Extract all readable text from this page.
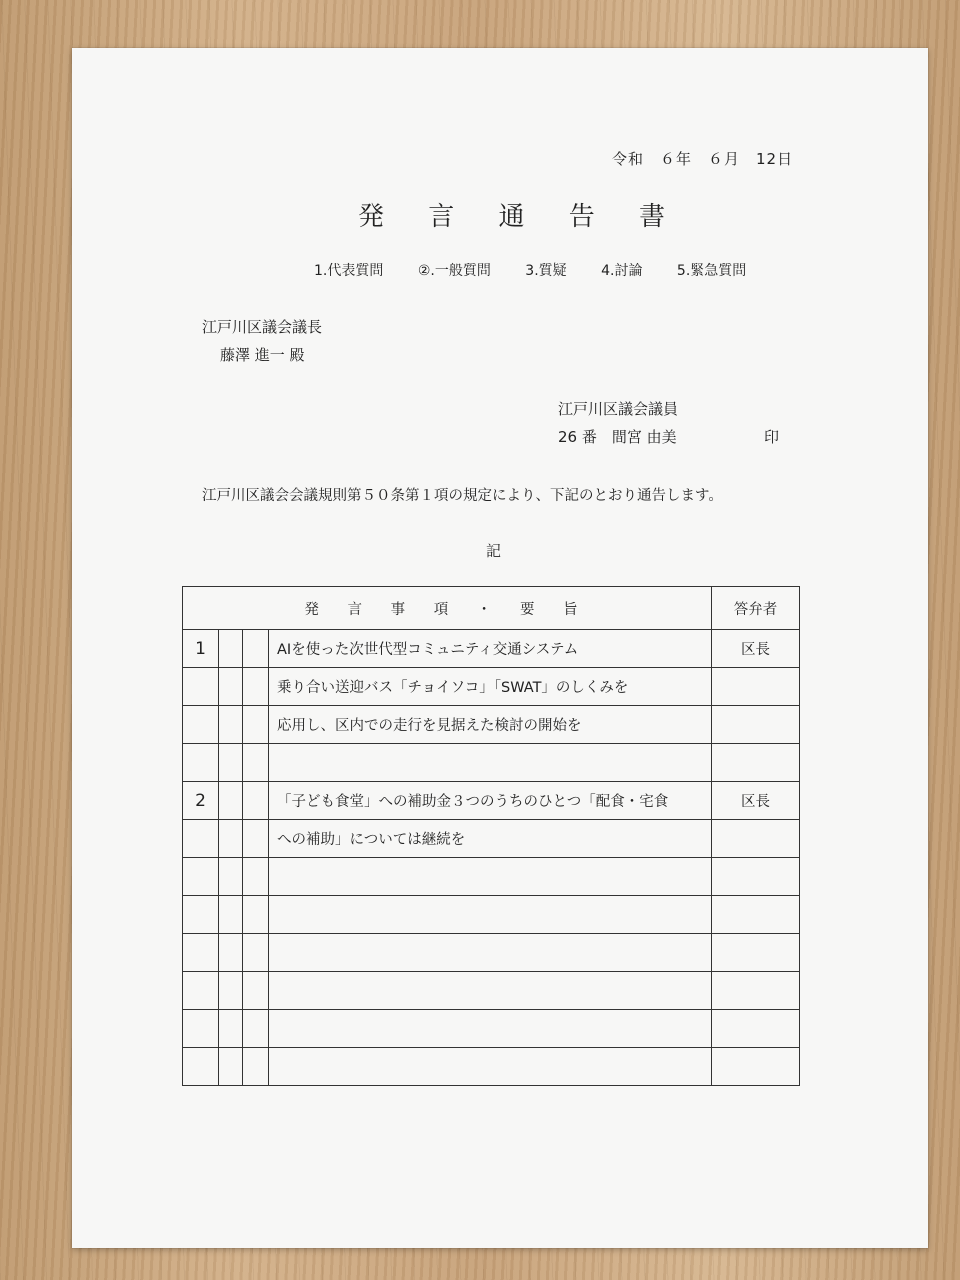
令和　６年　６月　12日
発 言 通 告 書
1.代表質問 ②.一般質問 3.質疑 4.討論 5.緊急質問
江戸川区議会議長
藤澤 進一 殿
江戸川区議会議員
26 番　間宮 由美	印
江戸川区議会会議規則第５０条第１項の規定により、下記のとおり通告します。
記
発 言 事 項 ・ 要 旨				答弁者
1			AIを使った次世代型コミュニティ交通システム	区長
			乗り合い送迎バス「チョイソコ」「SWAT」のしくみを	
			応用し、区内での走行を見据えた検討の開始を	

2			「子ども食堂」への補助金３つのうちのひとつ「配食・宅食	区長
			への補助」については継続を	
